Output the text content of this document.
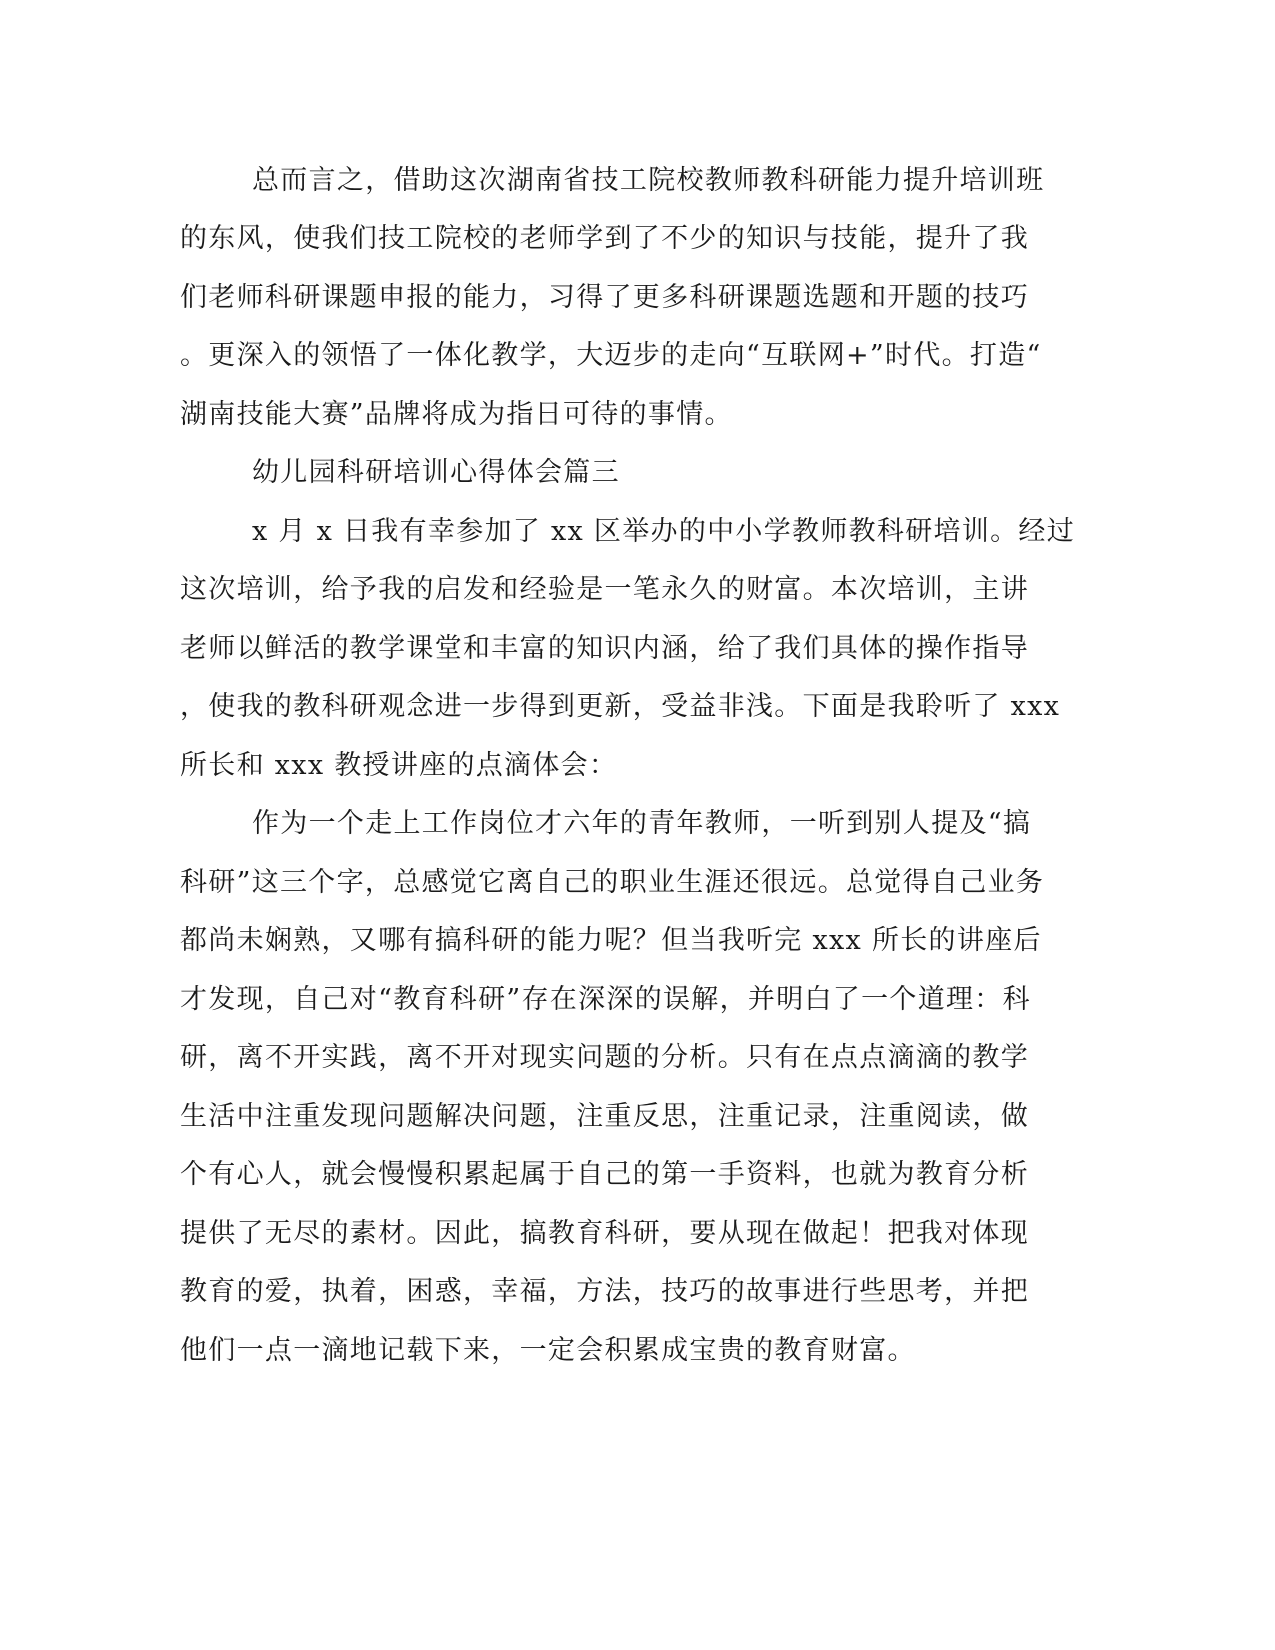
总而言之，借助这次湖南省技工院校教师教科研能力提升培训班

的东风，使我们技工院校的老师学到了不少的知识与技能，提升了我

们老师科研课题申报的能力，习得了更多科研课题选题和开题的技巧

。更深入的领悟了一体化教学，大迈步的走向“互联网+”时代。打造“

湖南技能大赛”品牌将成为指日可待的事情。

幼儿园科研培训心得体会篇三

x 月 x 日我有幸参加了 xx 区举办的中小学教师教科研培训。经过

这次培训，给予我的启发和经验是一笔永久的财富。本次培训，主讲

老师以鲜活的教学课堂和丰富的知识内涵，给了我们具体的操作指导

，使我的教科研观念进一步得到更新，受益非浅。下面是我聆听了 xxx

所长和 xxx 教授讲座的点滴体会：

作为一个走上工作岗位才六年的青年教师，一听到别人提及“搞

科研”这三个字，总感觉它离自己的职业生涯还很远。总觉得自己业务

都尚未娴熟，又哪有搞科研的能力呢？但当我听完 xxx 所长的讲座后

才发现，自己对“教育科研”存在深深的误解，并明白了一个道理：科

研，离不开实践，离不开对现实问题的分析。只有在点点滴滴的教学

生活中注重发现问题解决问题，注重反思，注重记录，注重阅读，做

个有心人，就会慢慢积累起属于自己的第一手资料，也就为教育分析

提供了无尽的素材。因此，搞教育科研，要从现在做起！把我对体现

教育的爱，执着，困惑，幸福，方法，技巧的故事进行些思考，并把

他们一点一滴地记载下来，一定会积累成宝贵的教育财富。
